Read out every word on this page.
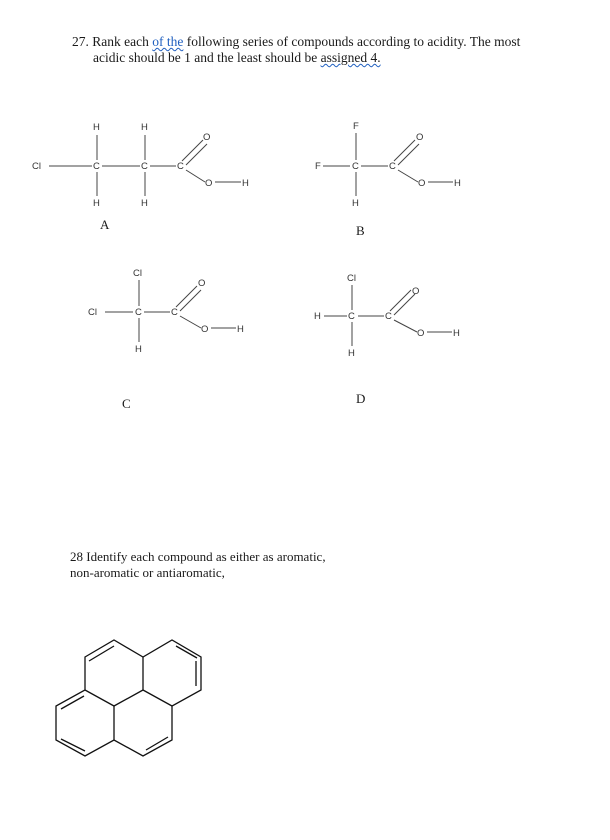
27. Rank each of the following series of compounds according to acidity. The most
acidic should be 1 and the least should be assigned 4.
Cl	C	C	C
H	H
H	H
O
O	H
A
F	C	C
F
H
O
O	H
B
Cl	C	C
Cl
H
O
O	H
C
H	C	C
Cl
H
O
O	H
D
28 Identify each compound as either as aromatic,
non-aromatic or antiaromatic,
